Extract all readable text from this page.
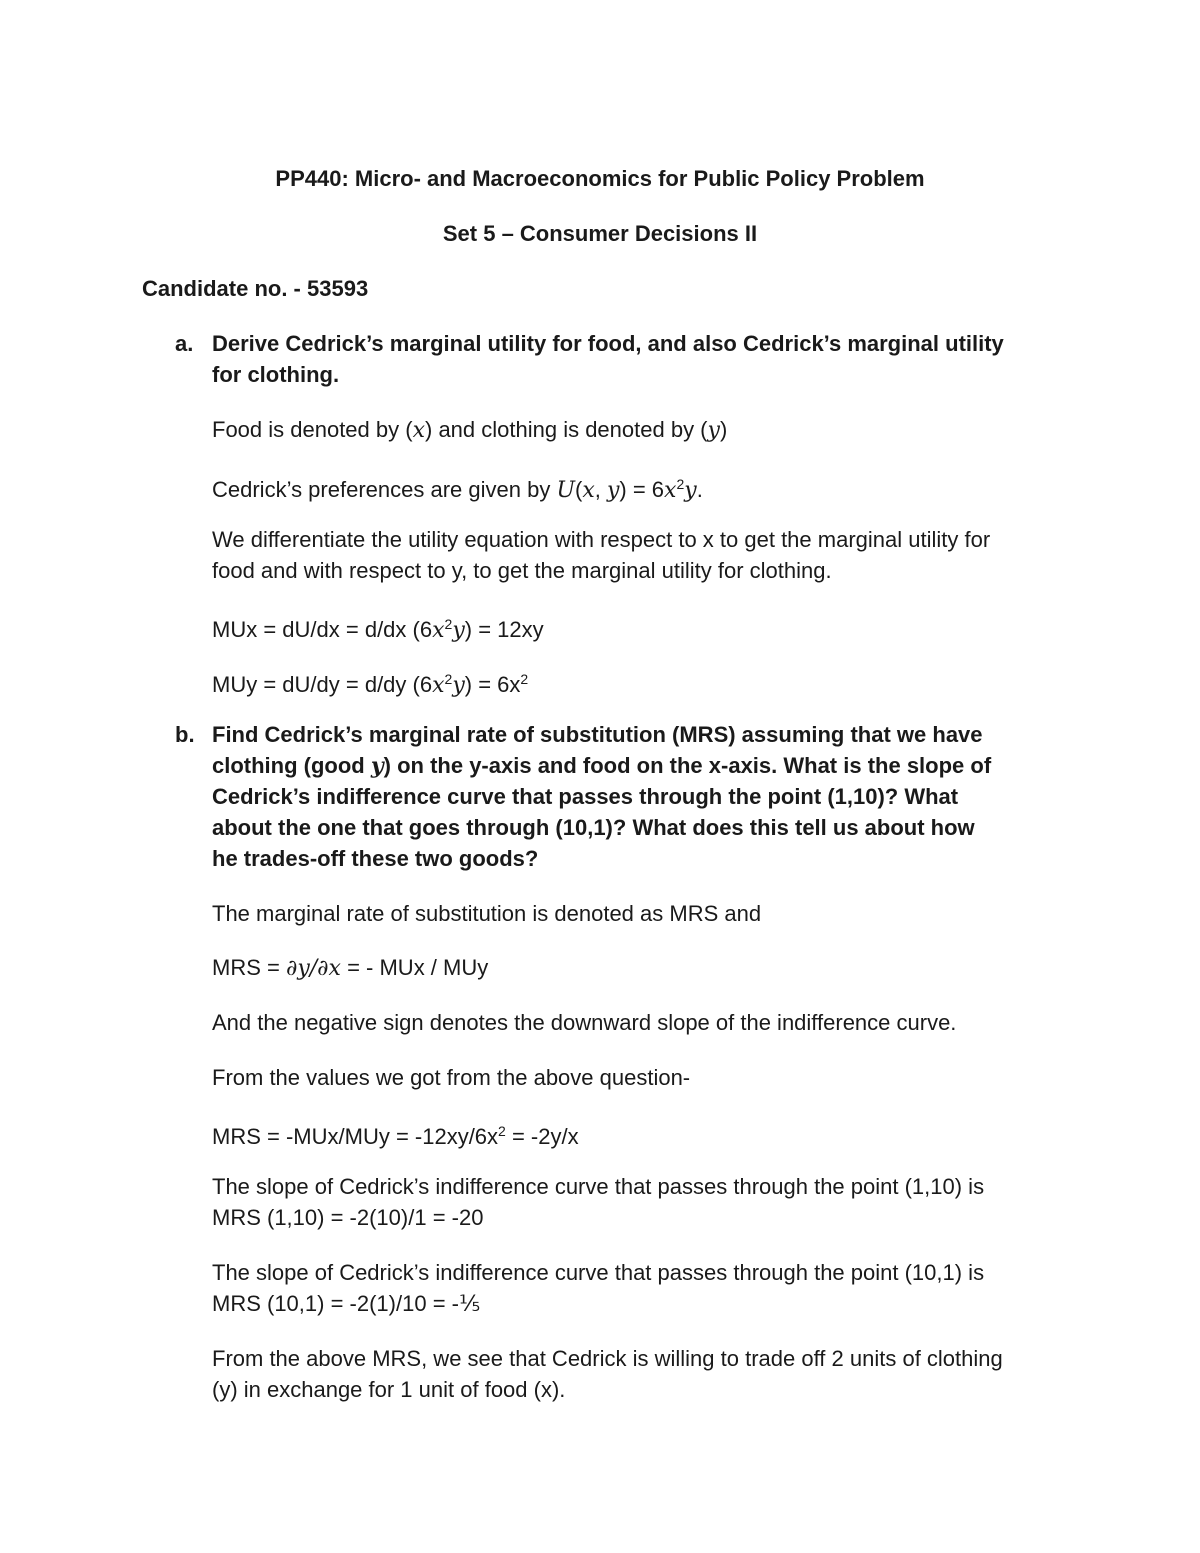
PP440: Micro- and Macroeconomics for Public Policy Problem
Set 5 – Consumer Decisions II
Candidate no. - 53593
a. Derive Cedrick’s marginal utility for food, and also Cedrick’s marginal utility
for clothing.
Food is denoted by (x) and clothing is denoted by (y)
Cedrick’s preferences are given by U(x, $y) = 6x^2y$.
We differentiate the utility equation with respect to x to get the marginal utility for
food and with respect to y, to get the marginal utility for clothing.
MUx = dU/dx = d/dx $(6x^2y) = 12xy$
MUy = dU/dy = d/dy $(6x^2y) = 6x^2$
b. Find Cedrick’s marginal rate of substitution (MRS) assuming that we have
clothing (good y) on the y-axis and food on the x-axis. What is the slope of
Cedrick’s indifference curve that passes through the point (1,10)? What
about the one that goes through (10,1)? What does this tell us about how
he trades-off these two goods?
The marginal rate of substitution is denoted as MRS and
MRS = ∂y/∂x = - MUx / MUy
And the negative sign denotes the downward slope of the indifference curve.
From the values we got from the above question-
MRS = $-MUx/MUy = -12xy/6x^2 = -2y/x$
The slope of Cedrick’s indifference curve that passes through the point (1,10) is
MRS (1,10) = -2(10)/1 = -20
The slope of Cedrick’s indifference curve that passes through the point (10,1) is
MRS (10,1) = -2(1)/10 = -⅕
From the above MRS, we see that Cedrick is willing to trade off 2 units of clothing
(y) in exchange for 1 unit of food (x).
